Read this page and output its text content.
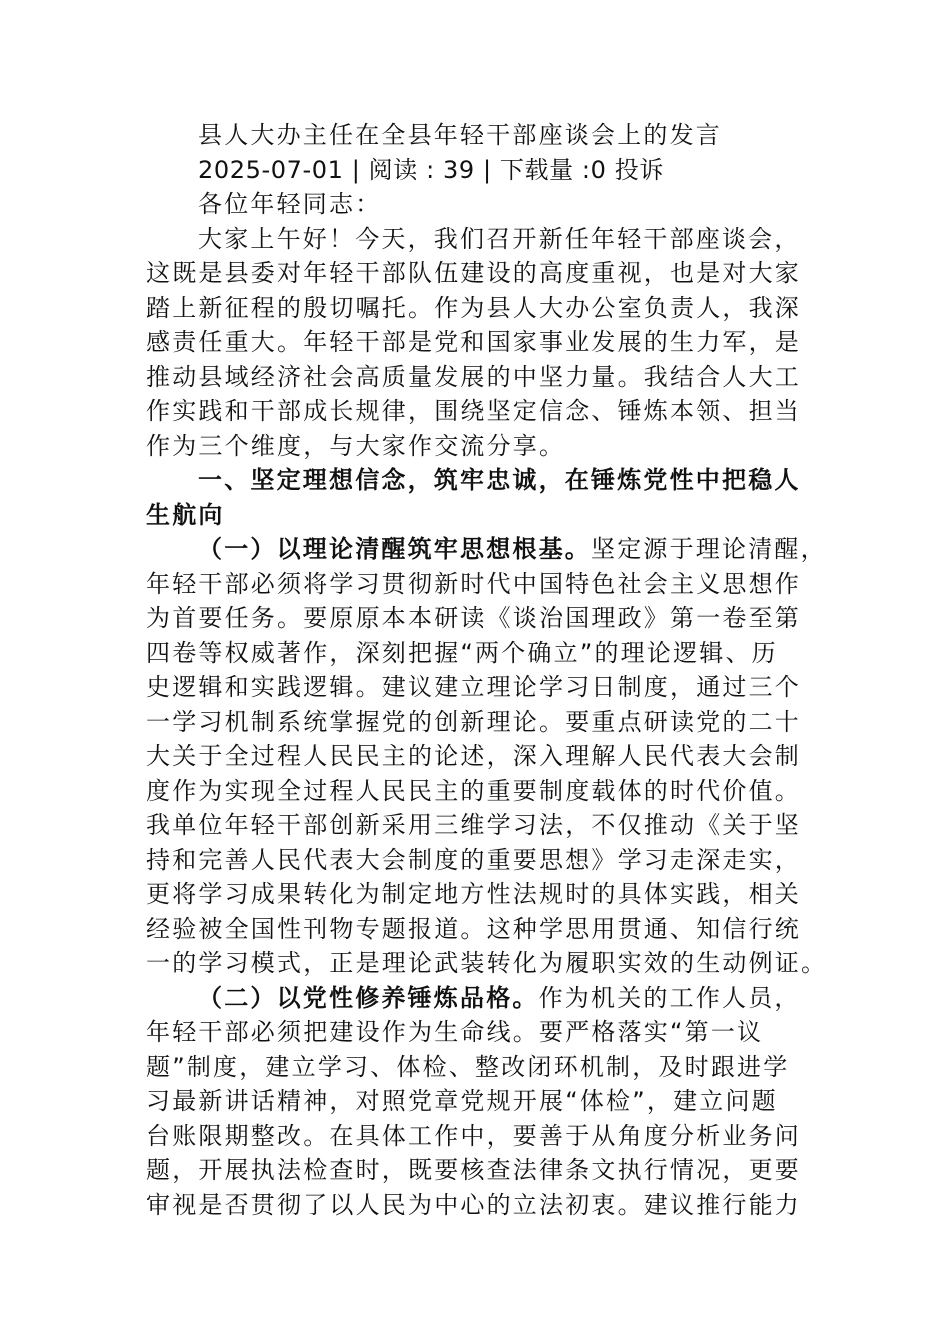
县人大办主任在全县年轻干部座谈会上的发言
2025-07-01 | 阅读 : 39 | 下载量 :0 投诉
各位年轻同志：
大家上午好！今天，我们召开新任年轻干部座谈会，
这既是县委对年轻干部队伍建设的高度重视，也是对大家
踏上新征程的殷切嘱托。作为县人大办公室负责人，我深
感责任重大。年轻干部是党和国家事业发展的生力军，是
推动县域经济社会高质量发展的中坚力量。我结合人大工
作实践和干部成长规律，围绕坚定信念、锤炼本领、担当
作为三个维度，与大家作交流分享。
一、坚定理想信念，筑牢忠诚，在锤炼党性中把稳人
生航向
（一）以理论清醒筑牢思想根基。坚定源于理论清醒，
年轻干部必须将学习贯彻新时代中国特色社会主义思想作
为首要任务。要原原本本研读《谈治国理政》第一卷至第
四卷等权威著作，深刻把握“两个确立”的理论逻辑、历
史逻辑和实践逻辑。建议建立理论学习日制度，通过三个
一学习机制系统掌握党的创新理论。要重点研读党的二十
大关于全过程人民民主的论述，深入理解人民代表大会制
度作为实现全过程人民民主的重要制度载体的时代价值。
我单位年轻干部创新采用三维学习法，不仅推动《关于坚
持和完善人民代表大会制度的重要思想》学习走深走实，
更将学习成果转化为制定地方性法规时的具体实践，相关
经验被全国性刊物专题报道。这种学思用贯通、知信行统
一的学习模式，正是理论武装转化为履职实效的生动例证。
（二）以党性修养锤炼品格。作为机关的工作人员，
年轻干部必须把建设作为生命线。要严格落实“第一议
题”制度，建立学习、体检、整改闭环机制，及时跟进学
习最新讲话精神，对照党章党规开展“体检”，建立问题
台账限期整改。在具体工作中，要善于从角度分析业务问
题，开展执法检查时，既要核查法律条文执行情况，更要
审视是否贯彻了以人民为中心的立法初衷。建议推行能力
